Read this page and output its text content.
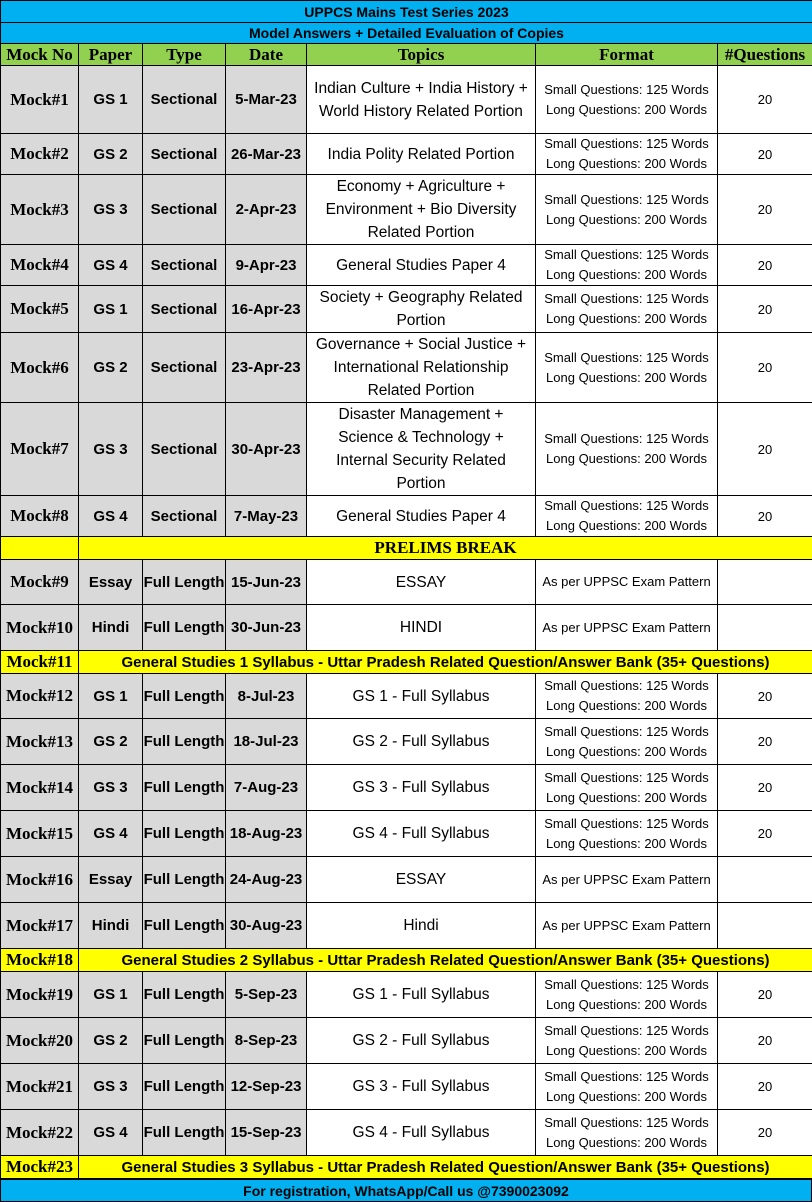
UPPCS Mains Test Series 2023						
Model Answers + Detailed Evaluation of Copies						
Mock No	Paper	Type	Date	Topics	Format	#Questions
Mock#1	GS 1	Sectional	5-Mar-23	Indian Culture + India History + World History Related Portion	Small Questions: 125 Words
Long Questions: 200 Words	20
Mock#2	GS 2	Sectional	26-Mar-23	India Polity Related Portion	Small Questions: 125 Words
Long Questions: 200 Words	20
Mock#3	GS 3	Sectional	2-Apr-23	Economy + Agriculture + Environment + Bio Diversity Related Portion	Small Questions: 125 Words
Long Questions: 200 Words	20
Mock#4	GS 4	Sectional	9-Apr-23	General Studies Paper 4	Small Questions: 125 Words
Long Questions: 200 Words	20
Mock#5	GS 1	Sectional	16-Apr-23	Society + Geography Related Portion	Small Questions: 125 Words
Long Questions: 200 Words	20
Mock#6	GS 2	Sectional	23-Apr-23	Governance + Social Justice + International Relationship Related Portion	Small Questions: 125 Words
Long Questions: 200 Words	20
Mock#7	GS 3	Sectional	30-Apr-23	Disaster Management + Science & Technology + Internal Security Related Portion	Small Questions: 125 Words
Long Questions: 200 Words	20
Mock#8	GS 4	Sectional	7-May-23	General Studies Paper 4	Small Questions: 125 Words
Long Questions: 200 Words	20
	PRELIMS BREAK					
Mock#9	Essay	Full Length	15-Jun-23	ESSAY	As per UPPSC Exam Pattern	

Mock#10	Hindi	Full Length	30-Jun-23	HINDI	As per UPPSC Exam Pattern	

Mock#11	General Studies 1 Syllabus - Uttar Pradesh Related Question/Answer Bank (35+ Questions)					
Mock#12	GS 1	Full Length	8-Jul-23	GS 1 - Full Syllabus	Small Questions: 125 Words
Long Questions: 200 Words	20
Mock#13	GS 2	Full Length	18-Jul-23	GS 2 - Full Syllabus	Small Questions: 125 Words
Long Questions: 200 Words	20
Mock#14	GS 3	Full Length	7-Aug-23	GS 3 - Full Syllabus	Small Questions: 125 Words
Long Questions: 200 Words	20
Mock#15	GS 4	Full Length	18-Aug-23	GS 4 - Full Syllabus	Small Questions: 125 Words
Long Questions: 200 Words	20
Mock#16	Essay	Full Length	24-Aug-23	ESSAY	As per UPPSC Exam Pattern	

Mock#17	Hindi	Full Length	30-Aug-23	Hindi	As per UPPSC Exam Pattern	

Mock#18	General Studies 2 Syllabus - Uttar Pradesh Related Question/Answer Bank (35+ Questions)					
Mock#19	GS 1	Full Length	5-Sep-23	GS 1 - Full Syllabus	Small Questions: 125 Words
Long Questions: 200 Words	20
Mock#20	GS 2	Full Length	8-Sep-23	GS 2 - Full Syllabus	Small Questions: 125 Words
Long Questions: 200 Words	20
Mock#21	GS 3	Full Length	12-Sep-23	GS 3 - Full Syllabus	Small Questions: 125 Words
Long Questions: 200 Words	20
Mock#22	GS 4	Full Length	15-Sep-23	GS 4 - Full Syllabus	Small Questions: 125 Words
Long Questions: 200 Words	20
Mock#23	General Studies 3 Syllabus - Uttar Pradesh Related Question/Answer Bank (35+ Questions)					
For registration, WhatsApp/Call us @7390023092
